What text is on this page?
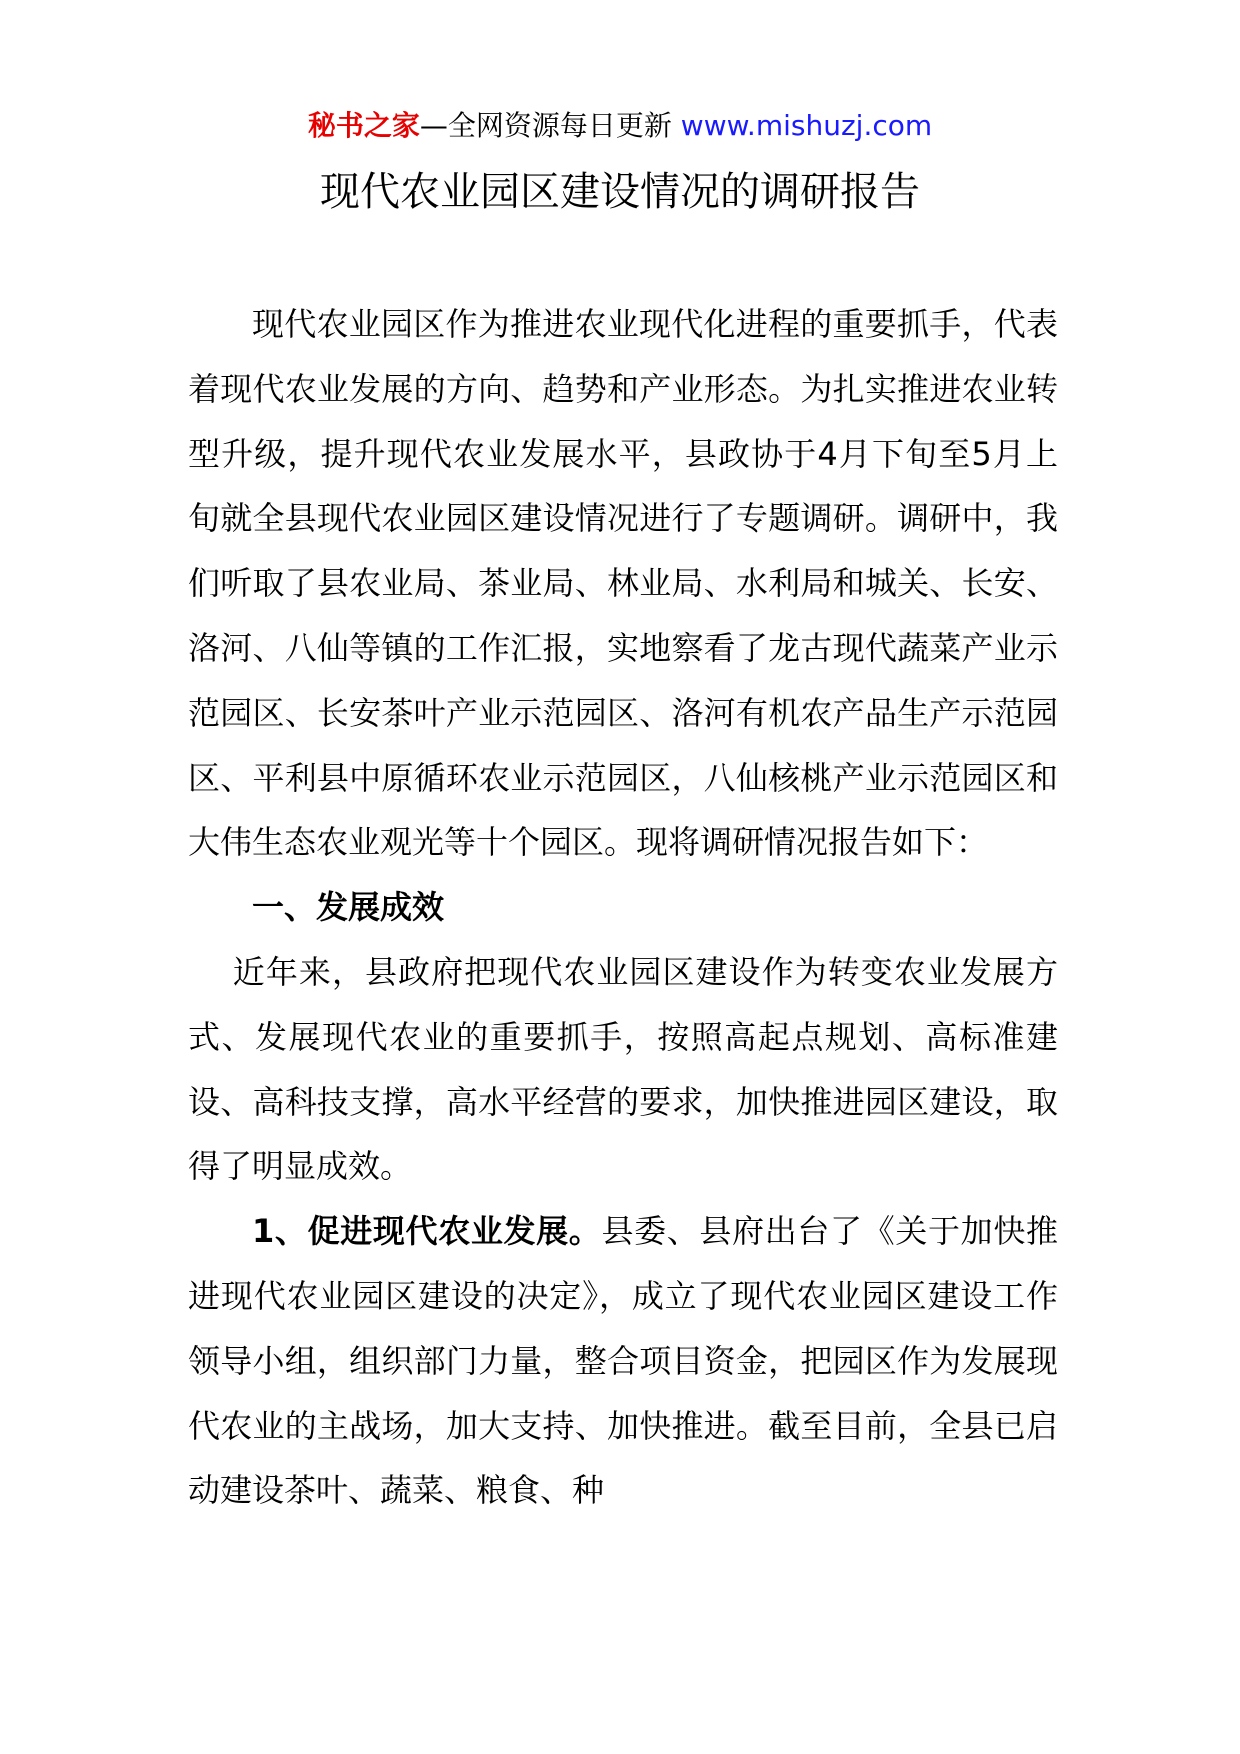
秘书之家—全网资源每日更新 www.mishuzj.com
现代农业园区建设情况的调研报告

现代农业园区作为推进农业现代化进程的重要抓手，代表着现代农业发展的方向、趋势和产业形态。为扎实推进农业转型升级，提升现代农业发展水平，县政协于4月下旬至5月上旬就全县现代农业园区建设情况进行了专题调研。调研中，我们听取了县农业局、茶业局、林业局、水利局和城关、长安、洛河、八仙等镇的工作汇报，实地察看了龙古现代蔬菜产业示范园区、长安茶叶产业示范园区、洛河有机农产品生产示范园区、平利县中原循环农业示范园区，八仙核桃产业示范园区和大伟生态农业观光等十个园区。现将调研情况报告如下：

一、发展成效

近年来，县政府把现代农业园区建设作为转变农业发展方式、发展现代农业的重要抓手，按照高起点规划、高标准建设、高科技支撑，高水平经营的要求，加快推进园区建设，取得了明显成效。

1、促进现代农业发展。县委、县府出台了《关于加快推进现代农业园区建设的决定》，成立了现代农业园区建设工作领导小组，组织部门力量，整合项目资金，把园区作为发展现代农业的主战场，加大支持、加快推进。截至目前，全县已启动建设茶叶、蔬菜、粮食、种
